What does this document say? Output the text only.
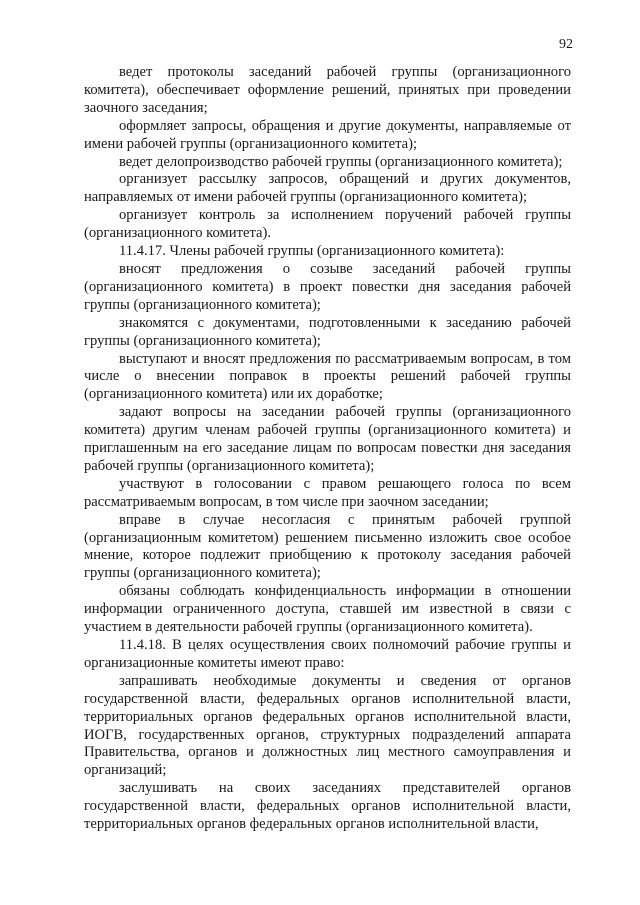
92

ведет протоколы заседаний рабочей группы (организационного комитета), обеспечивает оформление решений, принятых при проведении заочного заседания;

оформляет запросы, обращения и другие документы, направляемые от имени рабочей группы (организационного комитета);

ведет делопроизводство рабочей группы (организационного комитета);

организует рассылку запросов, обращений и других документов, направляемых от имени рабочей группы (организационного комитета);

организует контроль за исполнением поручений рабочей группы (организационного комитета).

11.4.17. Члены рабочей группы (организационного комитета):

вносят предложения о созыве заседаний рабочей группы (организационного комитета) в проект повестки дня заседания рабочей группы (организационного комитета);

знакомятся с документами, подготовленными к заседанию рабочей группы (организационного комитета);

выступают и вносят предложения по рассматриваемым вопросам, в том числе о внесении поправок в проекты решений рабочей группы (организационного комитета) или их доработке;

задают вопросы на заседании рабочей группы (организационного комитета) другим членам рабочей группы (организационного комитета) и приглашенным на его заседание лицам по вопросам повестки дня заседания рабочей группы (организационного комитета);

участвуют в голосовании с правом решающего голоса по всем рассматриваемым вопросам, в том числе при заочном заседании;

вправе в случае несогласия с принятым рабочей группой (организационным комитетом) решением письменно изложить свое особое мнение, которое подлежит приобщению к протоколу заседания рабочей группы (организационного комитета);

обязаны соблюдать конфиденциальность информации в отношении информации ограниченного доступа, ставшей им известной в связи с участием в деятельности рабочей группы (организационного комитета).

11.4.18. В целях осуществления своих полномочий рабочие группы и организационные комитеты имеют право:

запрашивать необходимые документы и сведения от органов государственной власти, федеральных органов исполнительной власти, территориальных органов федеральных органов исполнительной власти, ИОГВ, государственных органов, структурных подразделений аппарата Правительства, органов и должностных лиц местного самоуправления и организаций;

заслушивать на своих заседаниях представителей органов государственной власти, федеральных органов исполнительной власти, территориальных органов федеральных органов исполнительной власти,
